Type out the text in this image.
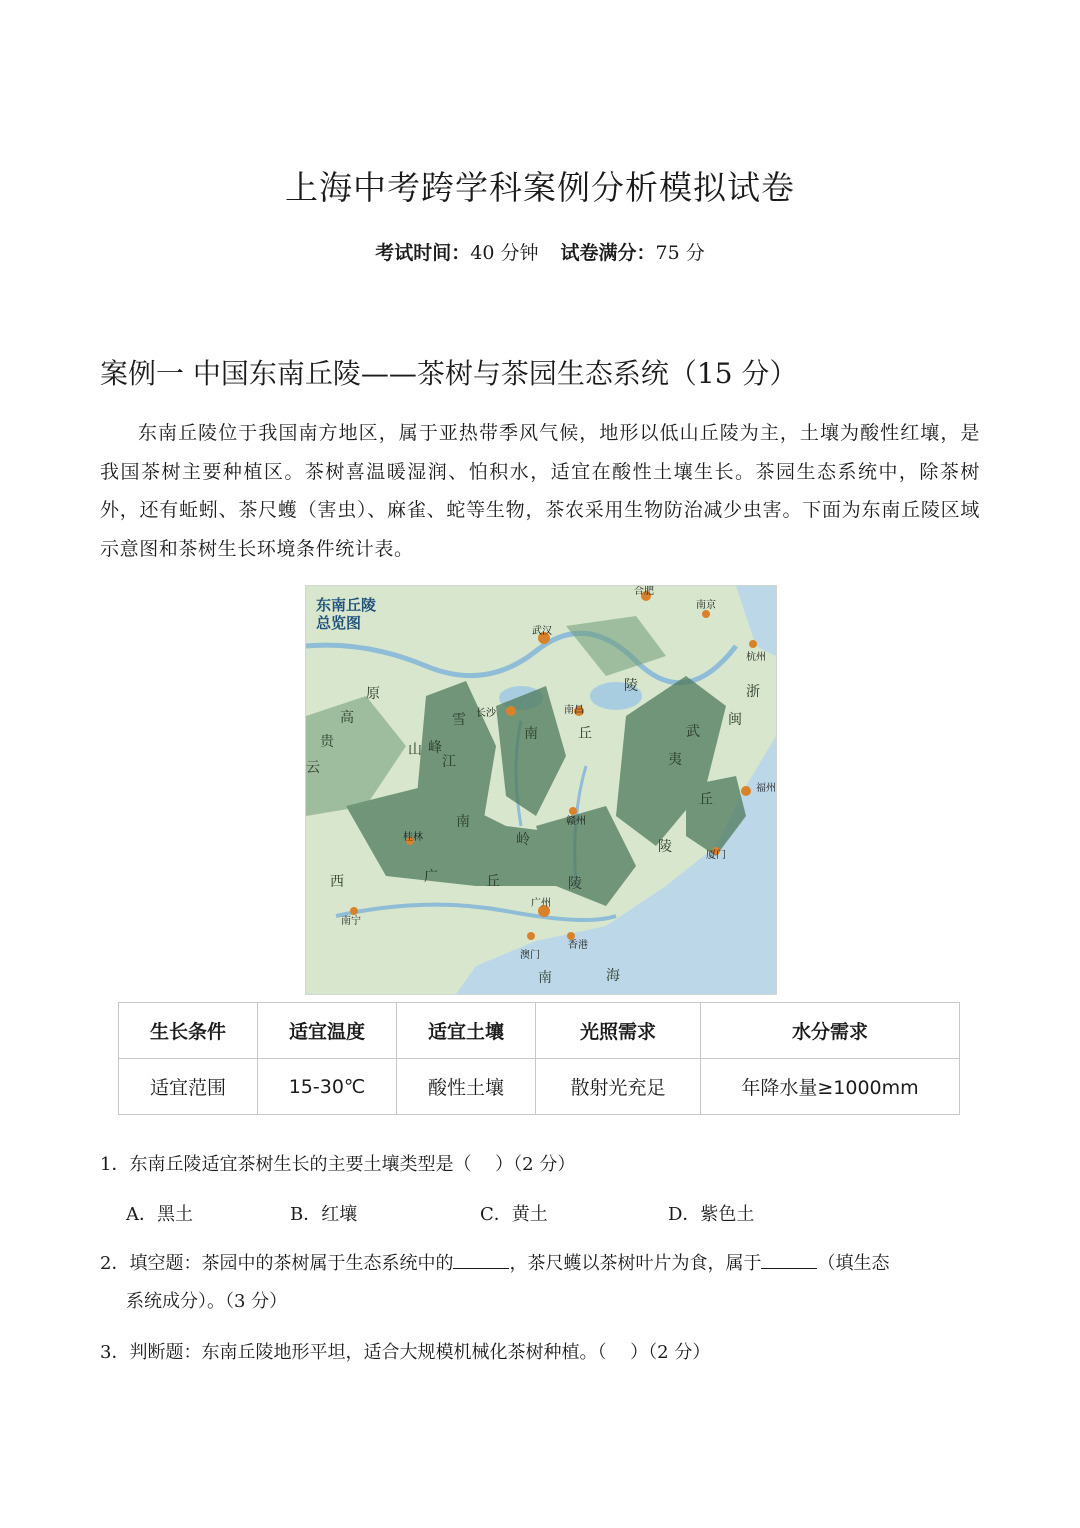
上海中考跨学科案例分析模拟试卷
考试时间：40 分钟 试卷满分：75 分
案例一 中国东南丘陵——茶树与茶园生态系统（15 分）
东南丘陵位于我国南方地区，属于亚热带季风气候，地形以低山丘陵为主，土壤为酸性红壤，是我国茶树主要种植区。茶树喜温暖湿润、怕积水，适宜在酸性土壤生长。茶园生态系统中，除茶树外，还有蚯蚓、茶尺蠖（害虫）、麻雀、蛇等生物，茶农采用生物防治减少虫害。下面为东南丘陵区域示意图和茶树生长环境条件统计表。
东南丘陵
总览图
合肥
南京
武汉
杭州
南昌
长沙
福州
赣州
桂林
厦门
广州
南宁
香港
澳门
原
高
贵
云
雪
峰
山
江
南	丘
陵	浙
闽
武
夷
丘
陵
广
西	丘	陵
南
岭
南	海
生长条件	适宜温度	适宜土壤	光照需求	水分需求
适宜范围	15-30℃	酸性土壤	散射光充足	年降水量≥1000mm
1．东南丘陵适宜茶树生长的主要土壤类型是（　 ）（2 分）
A．黑土	B．红壤	C．黄土	D．紫色土
2．填空题：茶园中的茶树属于生态系统中的	，茶尺蠖以茶树叶片为食，属于	（填生态
系统成分）。（3 分）
3．判断题：东南丘陵地形平坦，适合大规模机械化茶树种植。（　 ）（2 分）
